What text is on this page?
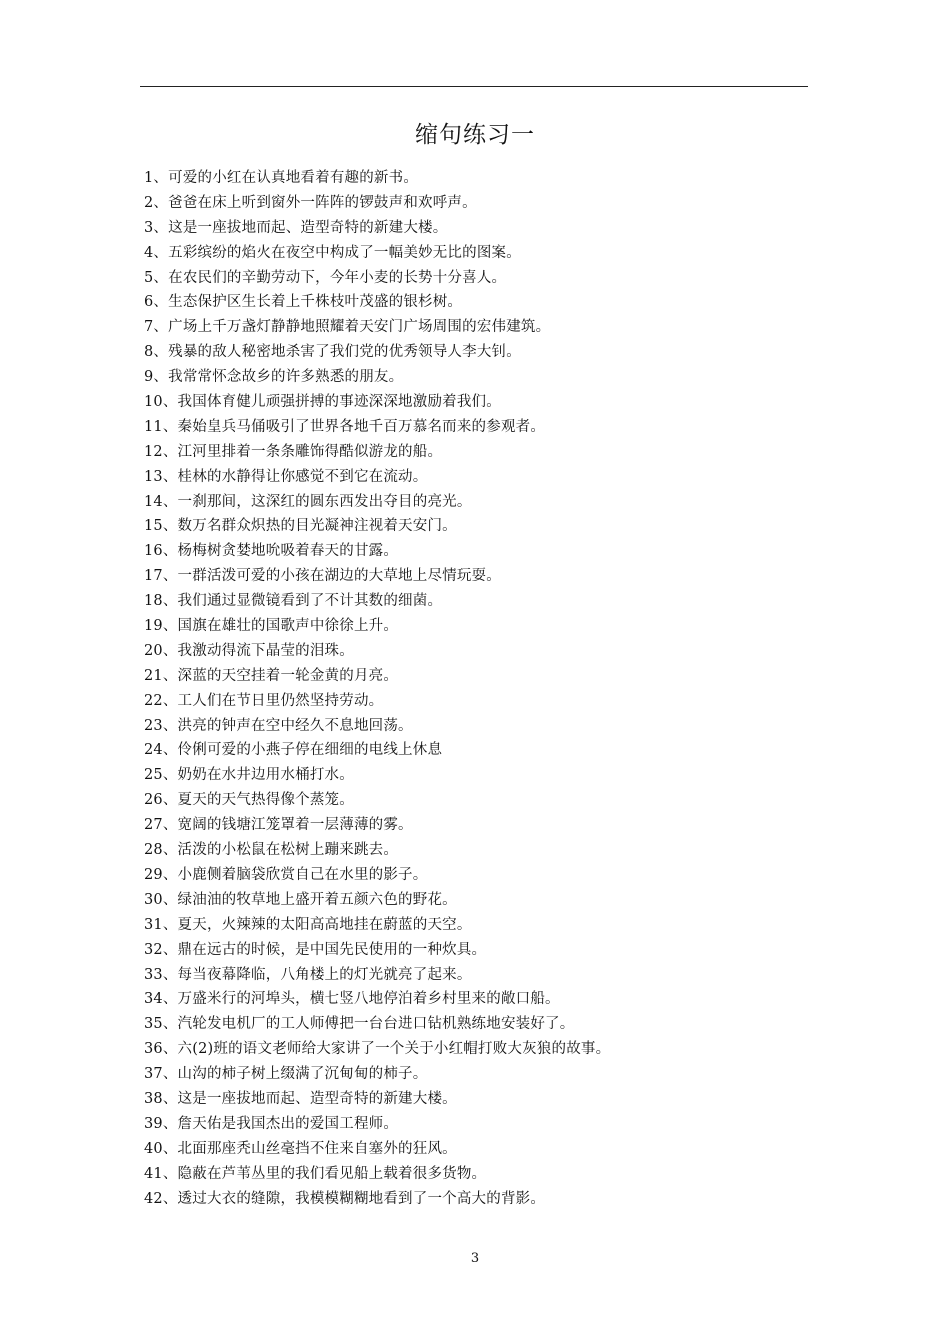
缩句练习一
1、可爱的小红在认真地看着有趣的新书。
2、爸爸在床上听到窗外一阵阵的锣鼓声和欢呼声。
3、这是一座拔地而起、造型奇特的新建大楼。
4、五彩缤纷的焰火在夜空中构成了一幅美妙无比的图案。
5、在农民们的辛勤劳动下，今年小麦的长势十分喜人。
6、生态保护区生长着上千株枝叶茂盛的银杉树。
7、广场上千万盏灯静静地照耀着天安门广场周围的宏伟建筑。
8、残暴的敌人秘密地杀害了我们党的优秀领导人李大钊。
9、我常常怀念故乡的许多熟悉的朋友。
10、我国体育健儿顽强拼搏的事迹深深地激励着我们。
11、秦始皇兵马俑吸引了世界各地千百万慕名而来的参观者。
12、江河里排着一条条雕饰得酷似游龙的船。
13、桂林的水静得让你感觉不到它在流动。
14、一刹那间，这深红的圆东西发出夺目的亮光。
15、数万名群众炽热的目光凝神注视着天安门。
16、杨梅树贪婪地吮吸着春天的甘露。
17、一群活泼可爱的小孩在湖边的大草地上尽情玩耍。
18、我们通过显微镜看到了不计其数的细菌。
19、国旗在雄壮的国歌声中徐徐上升。
20、我激动得流下晶莹的泪珠。
21、深蓝的天空挂着一轮金黄的月亮。
22、工人们在节日里仍然坚持劳动。
23、洪亮的钟声在空中经久不息地回荡。
24、伶俐可爱的小燕子停在细细的电线上休息
25、奶奶在水井边用水桶打水。
26、夏天的天气热得像个蒸笼。
27、宽阔的钱塘江笼罩着一层薄薄的雾。
28、活泼的小松鼠在松树上蹦来跳去。
29、小鹿侧着脑袋欣赏自己在水里的影子。
30、绿油油的牧草地上盛开着五颜六色的野花。
31、夏天，火辣辣的太阳高高地挂在蔚蓝的天空。
32、鼎在远古的时候，是中国先民使用的一种炊具。
33、每当夜幕降临，八角楼上的灯光就亮了起来。
34、万盛米行的河埠头，横七竖八地停泊着乡村里来的敞口船。
35、汽轮发电机厂的工人师傅把一台台进口钻机熟练地安装好了。
36、六(2)班的语文老师给大家讲了一个关于小红帽打败大灰狼的故事。
37、山沟的柿子树上缀满了沉甸甸的柿子。
38、这是一座拔地而起、造型奇特的新建大楼。
39、詹天佑是我国杰出的爱国工程师。
40、北面那座秃山丝毫挡不住来自塞外的狂风。
41、隐蔽在芦苇丛里的我们看见船上载着很多货物。
42、透过大衣的缝隙，我模模糊糊地看到了一个高大的背影。
3
